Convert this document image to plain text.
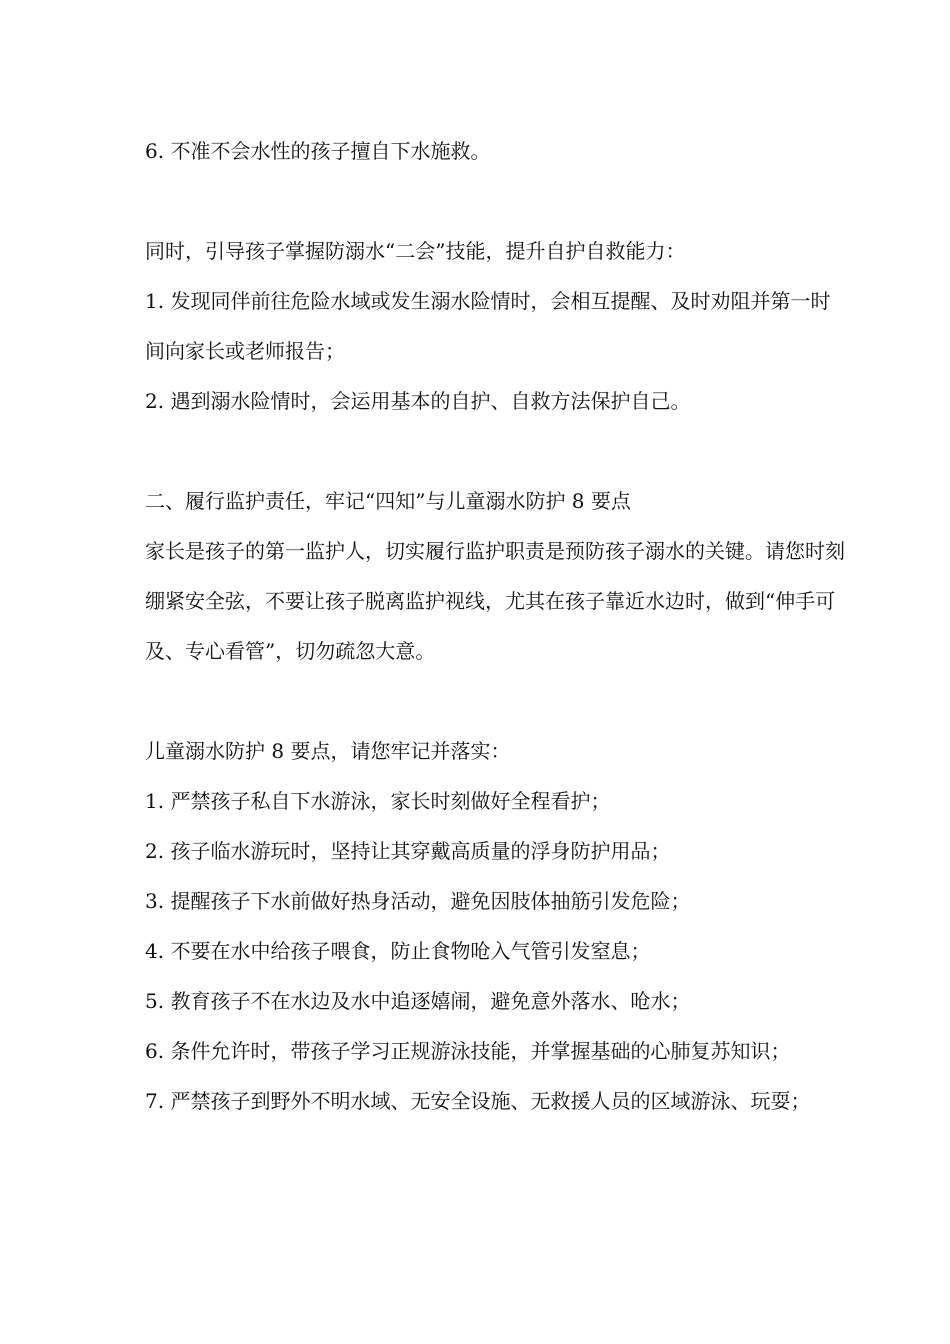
6. 不准不会水性的孩子擅自下水施救。

同时，引导孩子掌握防溺水“二会”技能，提升自护自救能力：

1. 发现同伴前往危险水域或发生溺水险情时，会相互提醒、及时劝阻并第一时间向家长或老师报告；

2. 遇到溺水险情时，会运用基本的自护、自救方法保护自己。

二、履行监护责任，牢记“四知”与儿童溺水防护 8 要点

家长是孩子的第一监护人，切实履行监护职责是预防孩子溺水的关键。请您时刻绷紧安全弦，不要让孩子脱离监护视线，尤其在孩子靠近水边时，做到“伸手可及、专心看管”，切勿疏忽大意。

儿童溺水防护 8 要点，请您牢记并落实：

1. 严禁孩子私自下水游泳，家长时刻做好全程看护；

2. 孩子临水游玩时，坚持让其穿戴高质量的浮身防护用品；

3. 提醒孩子下水前做好热身活动，避免因肢体抽筋引发危险；

4. 不要在水中给孩子喂食，防止食物呛入气管引发窒息；

5. 教育孩子不在水边及水中追逐嬉闹，避免意外落水、呛水；

6. 条件允许时，带孩子学习正规游泳技能，并掌握基础的心肺复苏知识；

7. 严禁孩子到野外不明水域、无安全设施、无救援人员的区域游泳、玩耍；
